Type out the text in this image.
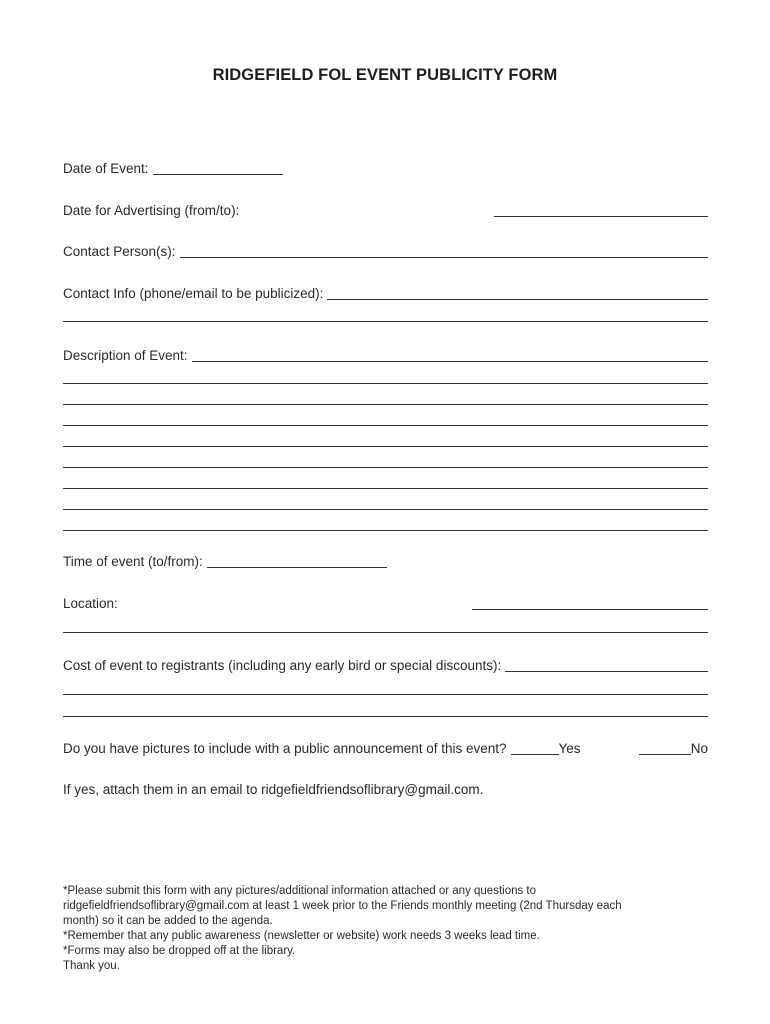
RIDGEFIELD FOL EVENT PUBLICITY FORM
Date of Event:
Date for Advertising (from/to):
Contact Person(s):
Contact Info (phone/email to be publicized):
Description of Event:
Time of event (to/from):
Location:
Cost of event to registrants (including any early bird or special discounts):
Do you have pictures to include with a public announcement of this event?	Yes	No
If yes, attach them in an email to ridgefieldfriendsoflibrary@gmail.com.
*Please submit this form with any pictures/additional information attached or any questions to
ridgefieldfriendsoflibrary@gmail.com at least 1 week prior to the Friends monthly meeting (2nd Thursday each
month) so it can be added to the agenda.
*Remember that any public awareness (newsletter or website) work needs 3 weeks lead time.
*Forms may also be dropped off at the library.
Thank you.
